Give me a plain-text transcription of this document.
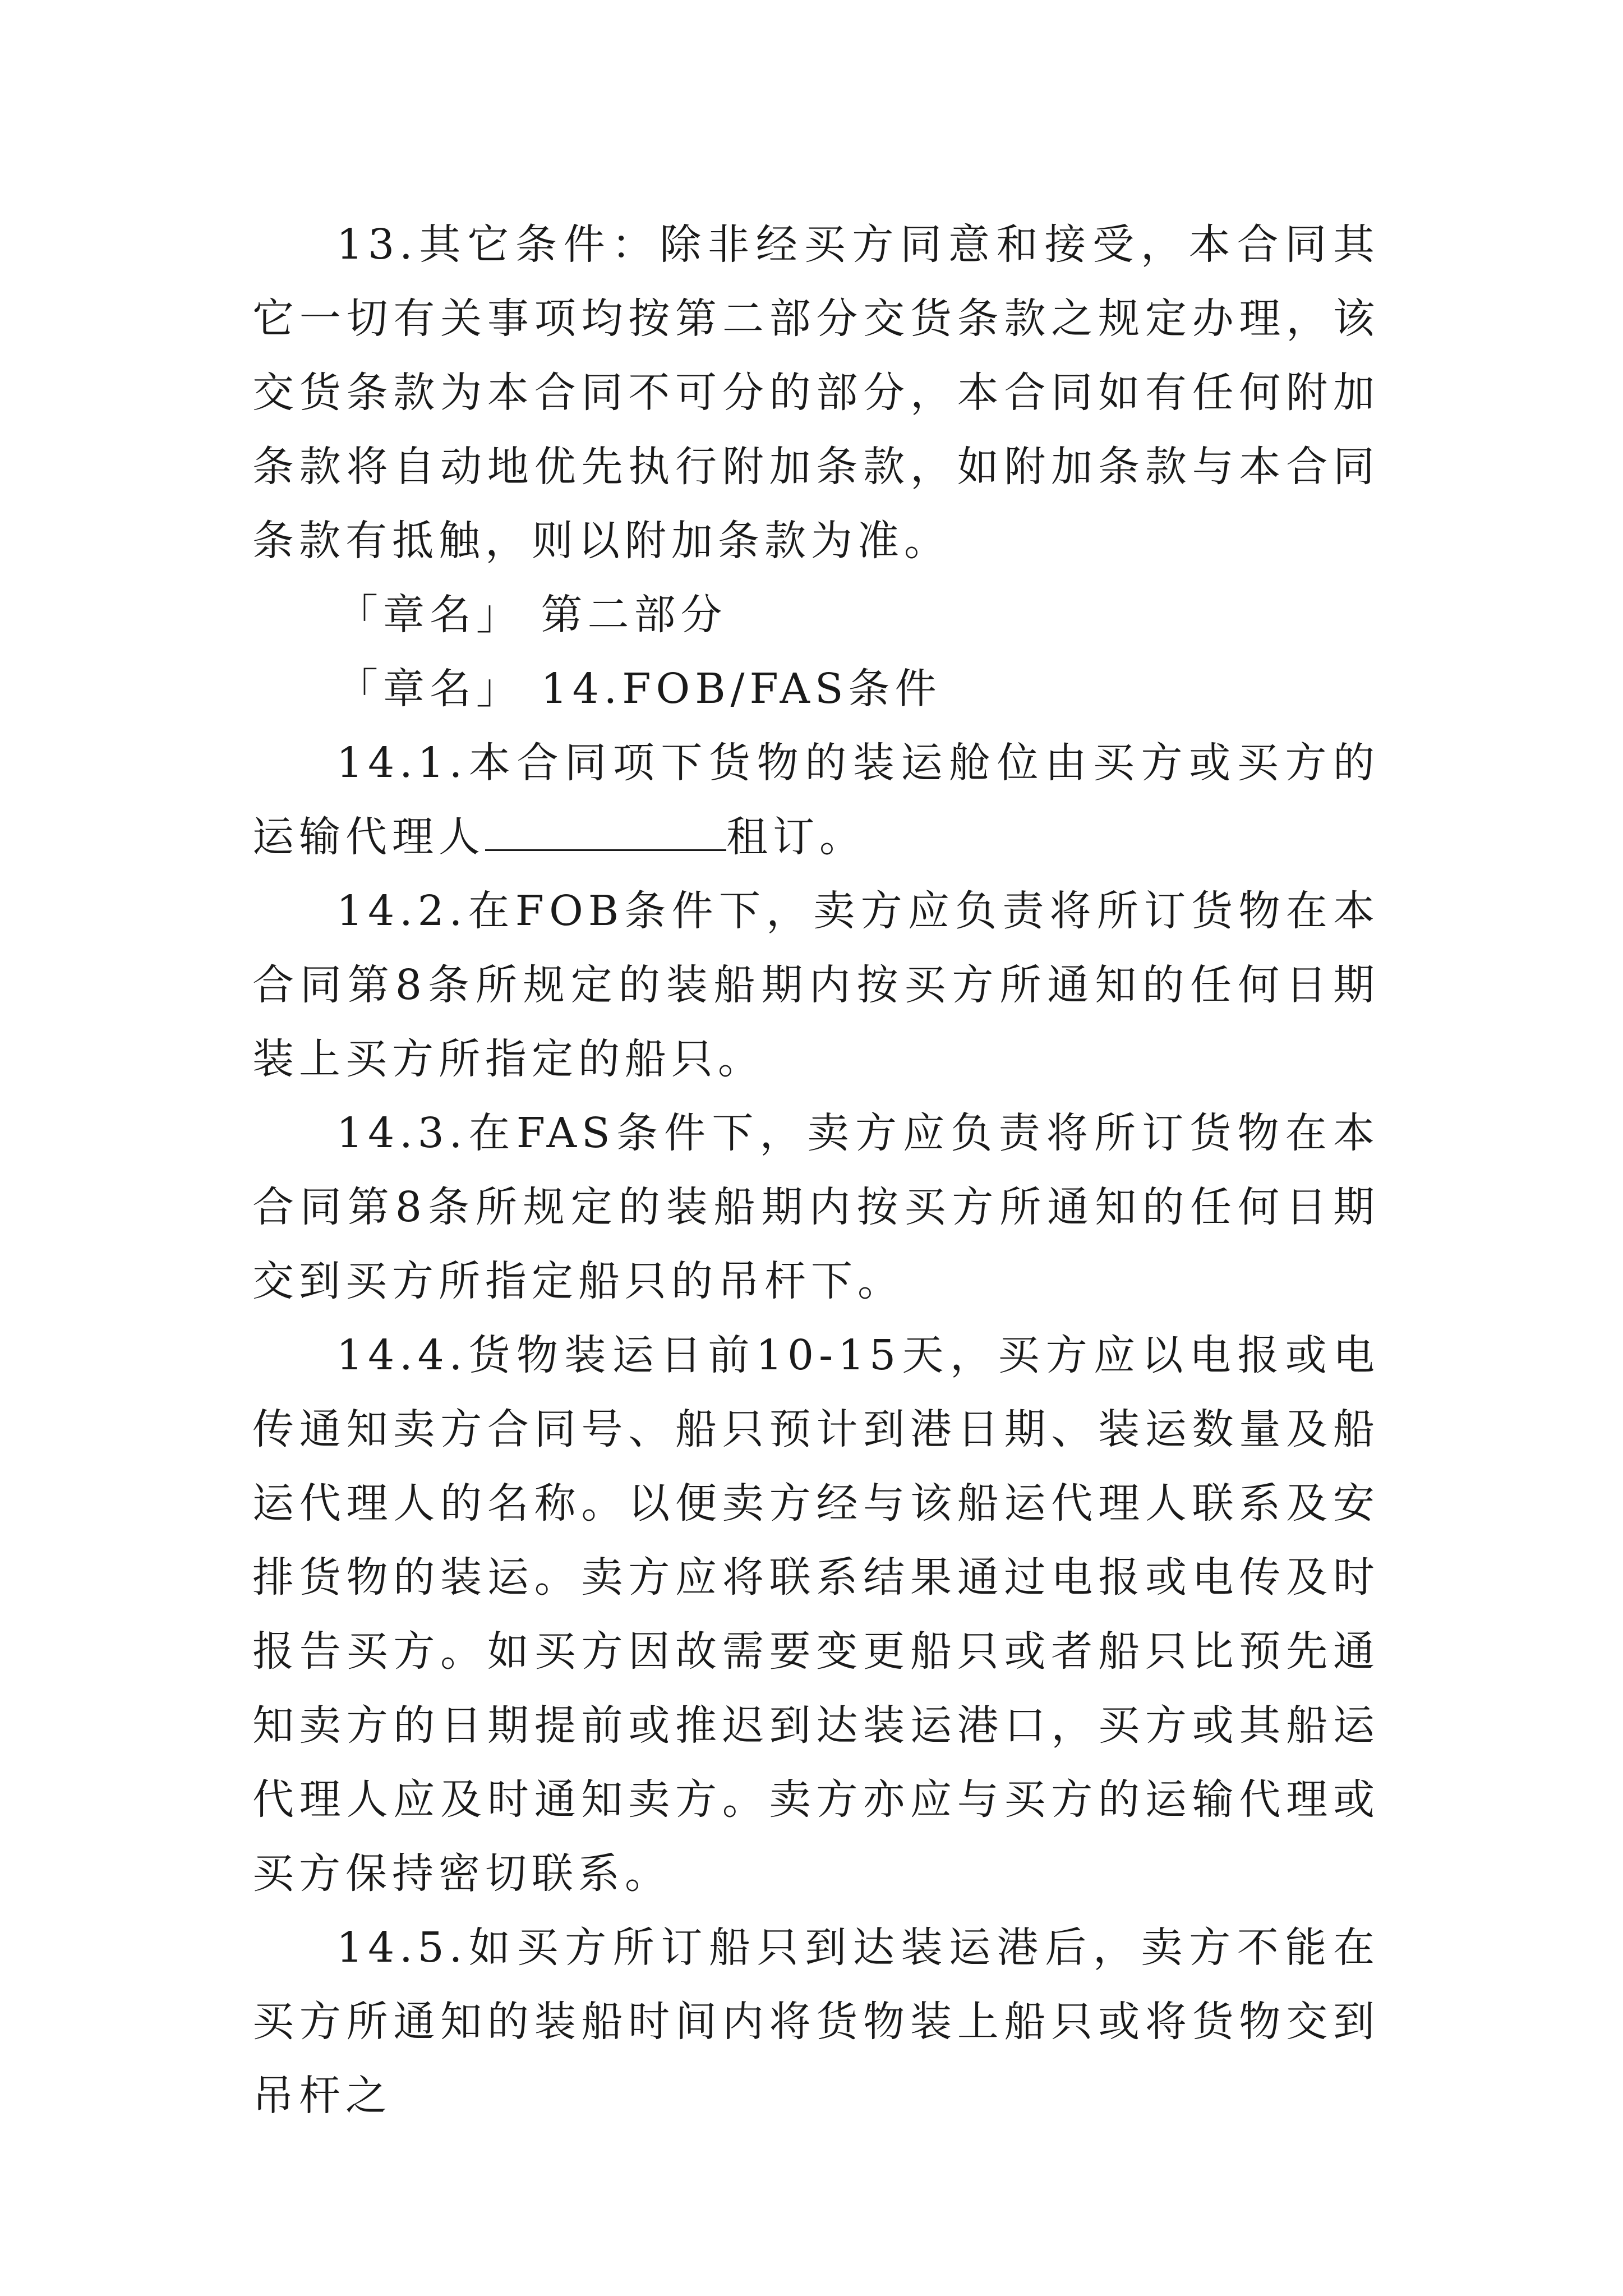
13.其它条件：除非经买方同意和接受，本合同其它一切有关事项均按第二部分交货条款之规定办理，该交货条款为本合同不可分的部分，本合同如有任何附加条款将自动地优先执行附加条款，如附加条款与本合同条款有抵触，则以附加条款为准。

「章名」 第二部分

「章名」 14.FOB/FAS条件

14.1.本合同项下货物的装运舱位由买方或买方的运输代理人	租订。

14.2.在FOB条件下，卖方应负责将所订货物在本合同第8条所规定的装船期内按买方所通知的任何日期装上买方所指定的船只。

14.3.在FAS条件下，卖方应负责将所订货物在本合同第8条所规定的装船期内按买方所通知的任何日期交到买方所指定船只的吊杆下。

14.4.货物装运日前10-15天，买方应以电报或电传通知卖方合同号、船只预计到港日期、装运数量及船运代理人的名称。以便卖方经与该船运代理人联系及安排货物的装运。卖方应将联系结果通过电报或电传及时报告买方。如买方因故需要变更船只或者船只比预先通知卖方的日期提前或推迟到达装运港口，买方或其船运代理人应及时通知卖方。卖方亦应与买方的运输代理或买方保持密切联系。

14.5.如买方所订船只到达装运港后，卖方不能在买方所通知的装船时间内将货物装上船只或将货物交到吊杆之
